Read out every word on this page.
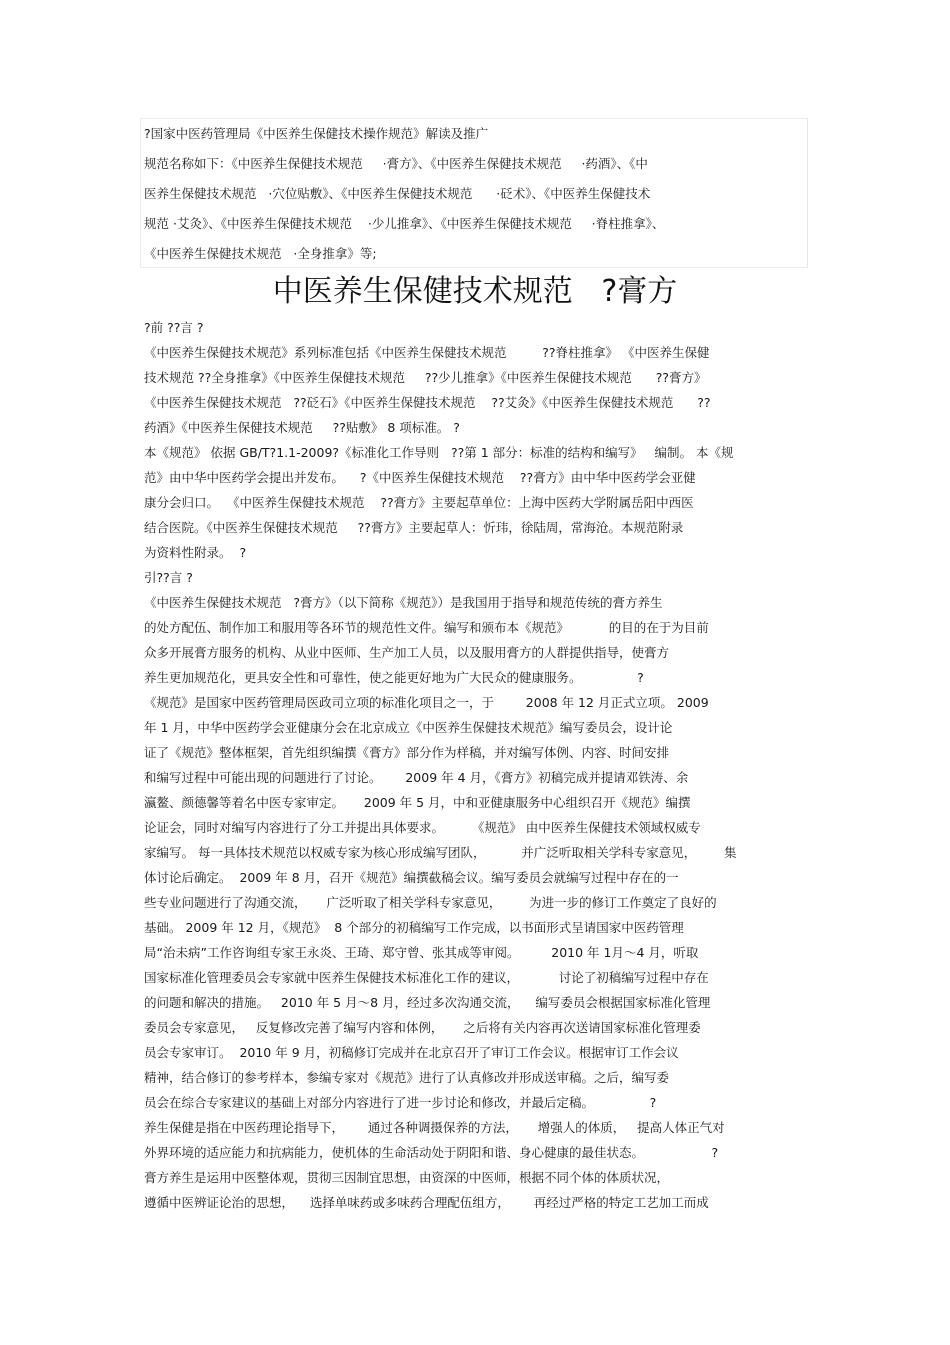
?国家中医药管理局《中医养生保健技术操作规范》解读及推广
规范名称如下：《中医养生保健技术规范     ·膏方》、《中医养生保健技术规范     ·药酒》、《中
医养生保健技术规范   ·穴位贴敷》、《中医养生保健技术规范      ·砭术》、《中医养生保健技术
规范 ·艾灸》、《中医养生保健技术规范    ·少儿推拿》、《中医养生保健技术规范     ·脊柱推拿》、
《中医养生保健技术规范   ·全身推拿》等;
中医养生保健技术规范   ?膏方
?前 ??言 ?
《中医养生保健技术规范》系列标准包括《中医养生保健技术规范         ??脊柱推拿》 《中医养生保健
技术规范 ??全身推拿》《中医养生保健技术规范     ??少儿推拿》《中医养生保健技术规范      ??膏方》
《中医养生保健技术规范   ??砭石》《中医养生保健技术规范    ??艾灸》《中医养生保健技术规范      ??
药酒》《中医养生保健技术规范     ??贴敷》 8 项标准。 ?
本《规范》 依据 GB/T?1.1-2009?《标准化工作导则   ??第 1 部分：标准的结构和编写》   编制。 本《规
范》由中华中医药学会提出并发布。    ?《中医养生保健技术规范    ??膏方》由中华中医药学会亚健
康分会归口。  《中医养生保健技术规范    ??膏方》主要起草单位：上海中医药大学附属岳阳中西医
结合医院。《中医养生保健技术规范     ??膏方》主要起草人：忻玮，徐陆周，常海沧。本规范附录
为资料性附录。  ?
引??言 ?
《中医养生保健技术规范   ?膏方》（以下简称《规范》）是我国用于指导和规范传统的膏方养生
的处方配伍、制作加工和服用等各环节的规范性文件。编写和颁布本《规范》          的目的在于为目前
众多开展膏方服务的机构、从业中医师、生产加工人员，以及服用膏方的人群提供指导，使膏方
养生更加规范化，更具安全性和可靠性，使之能更好地为广大民众的健康服务。              ?
《规范》是国家中医药管理局医政司立项的标准化项目之一，于        2008 年 12 月正式立项。 2009
年 1 月，中华中医药学会亚健康分会在北京成立《中医养生保健技术规范》编写委员会，设计论
证了《规范》整体框架，首先组织编撰《膏方》部分作为样稿，并对编写体例、内容、时间安排
和编写过程中可能出现的问题进行了讨论。      2009 年 4 月，《膏方》初稿完成并提请邓铁涛、余
瀛鳌、颜德馨等着名中医专家审定。     2009 年 5 月，中和亚健康服务中心组织召开《规范》编撰
论证会，同时对编写内容进行了分工并提出具体要求。       《规范》 由中医养生保健技术领域权威专
家编写。 每一具体技术规范以权威专家为核心形成编写团队，         并广泛听取相关学科专家意见，       集
体讨论后确定。  2009 年 8 月，召开《规范》编撰截稿会议。编写委员会就编写过程中存在的一
些专业问题进行了沟通交流，     广泛听取了相关学科专家意见，       为进一步的修订工作奠定了良好的
基础。 2009 年 12 月，《规范》  8 个部分的初稿编写工作完成，以书面形式呈请国家中医药管理
局“治未病”工作咨询组专家王永炎、王琦、郑守曾、张其成等审阅。        2010 年 1月～4 月，听取
国家标准化管理委员会专家就中医养生保健技术标准化工作的建议，          讨论了初稿编写过程中存在
的问题和解决的措施。   2010 年 5 月～8 月，经过多次沟通交流，    编写委员会根据国家标准化管理
委员会专家意见，   反复修改完善了编写内容和体例，     之后将有关内容再次送请国家标准化管理委
员会专家审订。  2010 年 9 月，初稿修订完成并在北京召开了审订工作会议。根据审订工作会议
精神，结合修订的参考样本，参编专家对《规范》进行了认真修改并形成送审稿。之后，编写委
员会在综合专家建议的基础上对部分内容进行了进一步讨论和修改，并最后定稿。              ?
养生保健是指在中医药理论指导下，      通过各种调摄保养的方法，     增强人的体质，   提高人体正气对
外界环境的适应能力和抗病能力，使机体的生命活动处于阴阳和谐、身心健康的最佳状态。                 ?
膏方养生是运用中医整体观，贯彻三因制宜思想，由资深的中医师，根据不同个体的体质状况，
遵循中医辨证论治的思想，    选择单味药或多味药合理配伍组方，      再经过严格的特定工艺加工而成
